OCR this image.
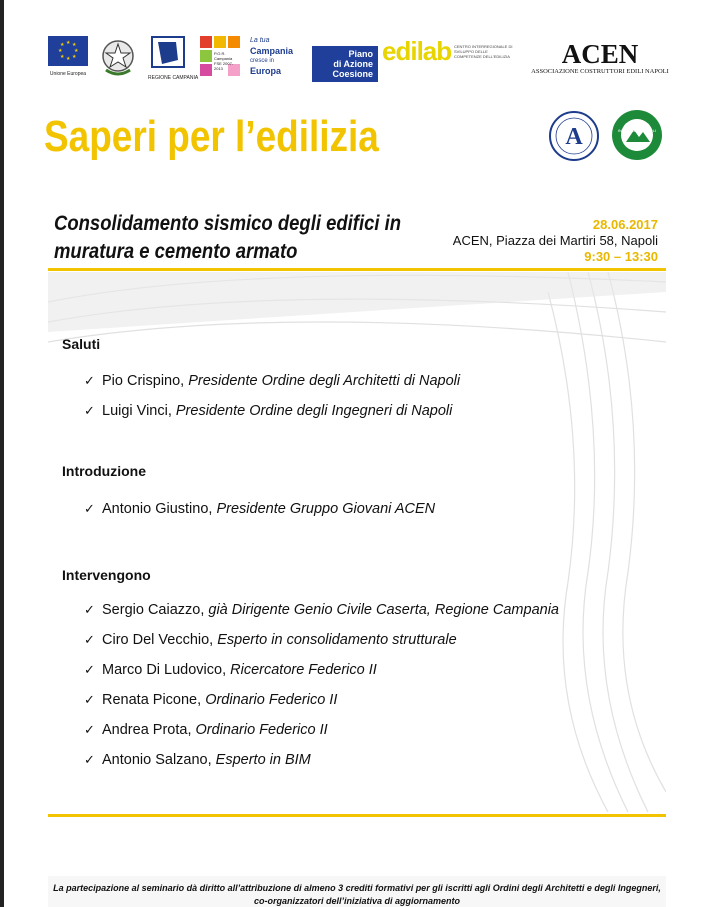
★ ★
★
★
★
★
★
★
Unione Europea
REGIONE CAMPANIA
P.O.R. Campania FSE 2007-2013
La tua
Campania
cresce in
Europa
Piano
di Azione
Coesione
edilab CENTRO INTERREGIONALE DI SVILUPPO DELLE COMPETENZE DELL'EDILIZIA	ACEN
ASSOCIAZIONE COSTRUTTORI EDILI NAPOLI
Saperi per l’edilizia	A	INGEGNERI NAPOLI
Consolidamento sismico degli edifici in muratura e cemento armato
28.06.2017
ACEN, Piazza dei Martiri 58, Napoli
9:30 – 13:30
Saluti
✓ Pio Crispino, Presidente Ordine degli Architetti di Napoli
✓ Luigi Vinci, Presidente Ordine degli Ingegneri di Napoli
Introduzione
✓ Antonio Giustino, Presidente Gruppo Giovani ACEN
Intervengono
✓ Sergio Caiazzo, già Dirigente Genio Civile Caserta, Regione Campania
✓ Ciro Del Vecchio, Esperto in consolidamento strutturale
✓ Marco Di Ludovico, Ricercatore Federico II
✓ Renata Picone, Ordinario Federico II
✓ Andrea Prota, Ordinario Federico II
✓ Antonio Salzano, Esperto in BIM
La partecipazione al seminario dà diritto all’attribuzione di almeno 3 crediti formativi per gli iscritti agli Ordini degli Architetti e degli Ingegneri, co-organizzatori dell’iniziativa di aggiornamento
